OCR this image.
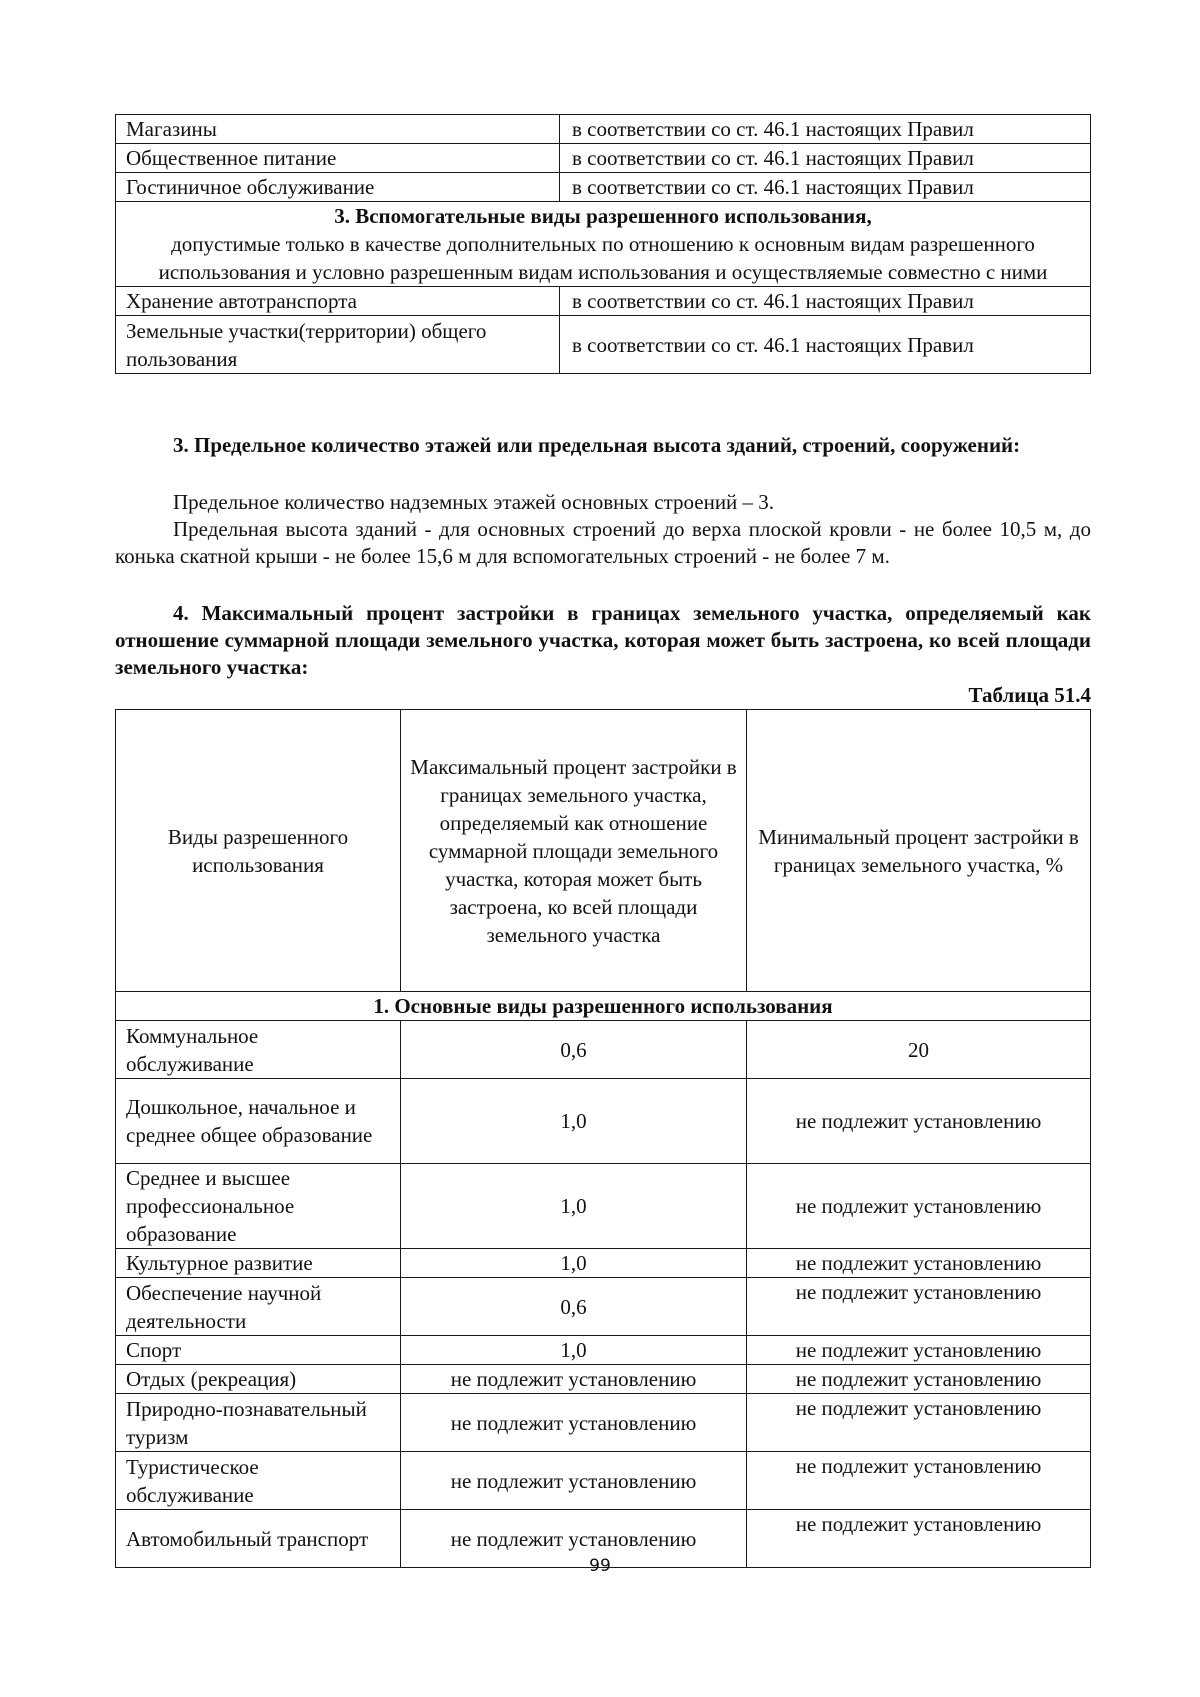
Магазины	в соответствии со ст. 46.1 настоящих Правил
Общественное питание	в соответствии со ст. 46.1 настоящих Правил
Гостиничное обслуживание	в соответствии со ст. 46.1 настоящих Правил

3. Вспомогательные виды разрешенного использования,
допустимые только в качестве дополнительных по отношению к основным видам разрешенного использования и условно разрешенным видам использования и осуществляемые совместно с ними	

Хранение автотранспорта	в соответствии со ст. 46.1 настоящих Правил
Земельные участки(территории) общего пользования	в соответствии со ст. 46.1 настоящих Правил

3. Предельное количество этажей или предельная высота зданий, строений, сооружений:

Предельное количество надземных этажей основных строений – 3.

Предельная высота зданий - для основных строений до верха плоской кровли - не более 10,5 м, до конька скатной крыши - не более 15,6 м для вспомогательных строений - не более 7 м.

4. Максимальный процент застройки в границах земельного участка, определяемый как отношение суммарной площади земельного участка, которая может быть застроена, ко всей площади земельного участка:

Таблица 51.4
Виды разрешенного использования	Максимальный процент застройки в границах земельного участка, определяемый как отношение суммарной площади земельного участка, которая может быть застроена, ко всей площади земельного участка	Минимальный процент застройки в границах земельного участка, %
1. Основные виды разрешенного использования		
Коммунальное обслуживание	0,6	20
Дошкольное, начальное и среднее общее образование	1,0	не подлежит установлению
Среднее и высшее профессиональное образование	1,0	не подлежит установлению
Культурное развитие	1,0	не подлежит установлению
Обеспечение научной деятельности	0,6	не подлежит установлению
Спорт	1,0	не подлежит установлению
Отдых (рекреация)	не подлежит установлению	не подлежит установлению
Природно-познавательный туризм	не подлежит установлению	не подлежит установлению
Туристическое обслуживание	не подлежит установлению	не подлежит установлению
Автомобильный транспорт	не подлежит установлению	не подлежит установлению
99
